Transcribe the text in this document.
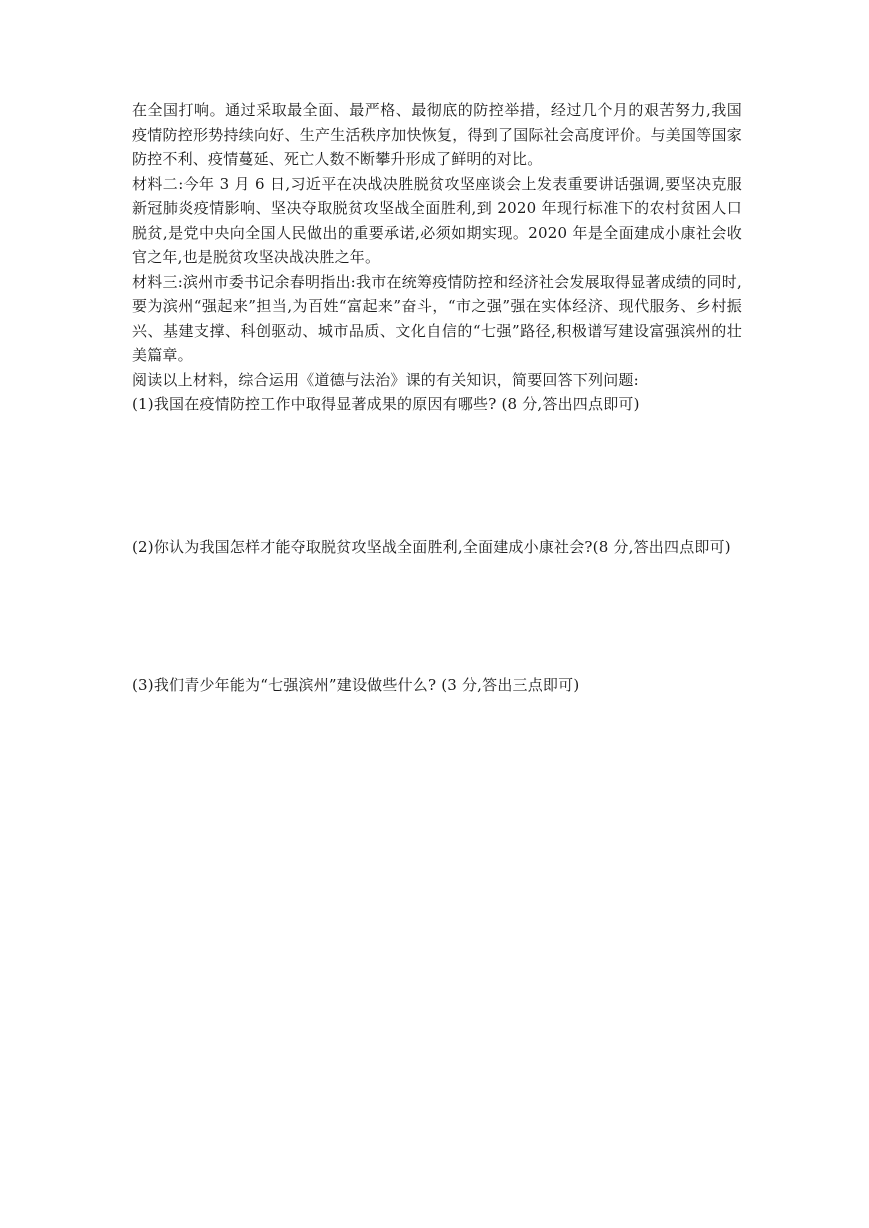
在全国打响。通过采取最全面、最严格、最彻底的防控举措，经过几个月的艰苦努力,我国疫情防控形势持续向好、生产生活秩序加快恢复，得到了国际社会高度评价。与美国等国家防控不利、疫情蔓延、死亡人数不断攀升形成了鲜明的对比。

材料二:今年 3 月 6 日,习近平在决战决胜脱贫攻坚座谈会上发表重要讲话强调,要坚决克服新冠肺炎疫情影响、坚决夺取脱贫攻坚战全面胜利,到 2020 年现行标准下的农村贫困人口脱贫,是党中央向全国人民做出的重要承诺,必须如期实现。2020 年是全面建成小康社会收官之年,也是脱贫攻坚决战决胜之年。

材料三:滨州市委书记余春明指出:我市在统筹疫情防控和经济社会发展取得显著成绩的同时,要为滨州“强起来”担当,为百姓“富起来”奋斗，“市之强”强在实体经济、现代服务、乡村振兴、基建支撑、科创驱动、城市品质、文化自信的“七强”路径,积极谱写建设富强滨州的壮美篇章。

阅读以上材料，综合运用《道德与法治》课的有关知识，简要回答下列问题:

(1)我国在疫情防控工作中取得显著成果的原因有哪些? (8 分,答出四点即可)

(2)你认为我国怎样才能夺取脱贫攻坚战全面胜利,全面建成小康社会?(8 分,答出四点即可)

(3)我们青少年能为“七强滨州”建设做些什么? (3 分,答出三点即可)
